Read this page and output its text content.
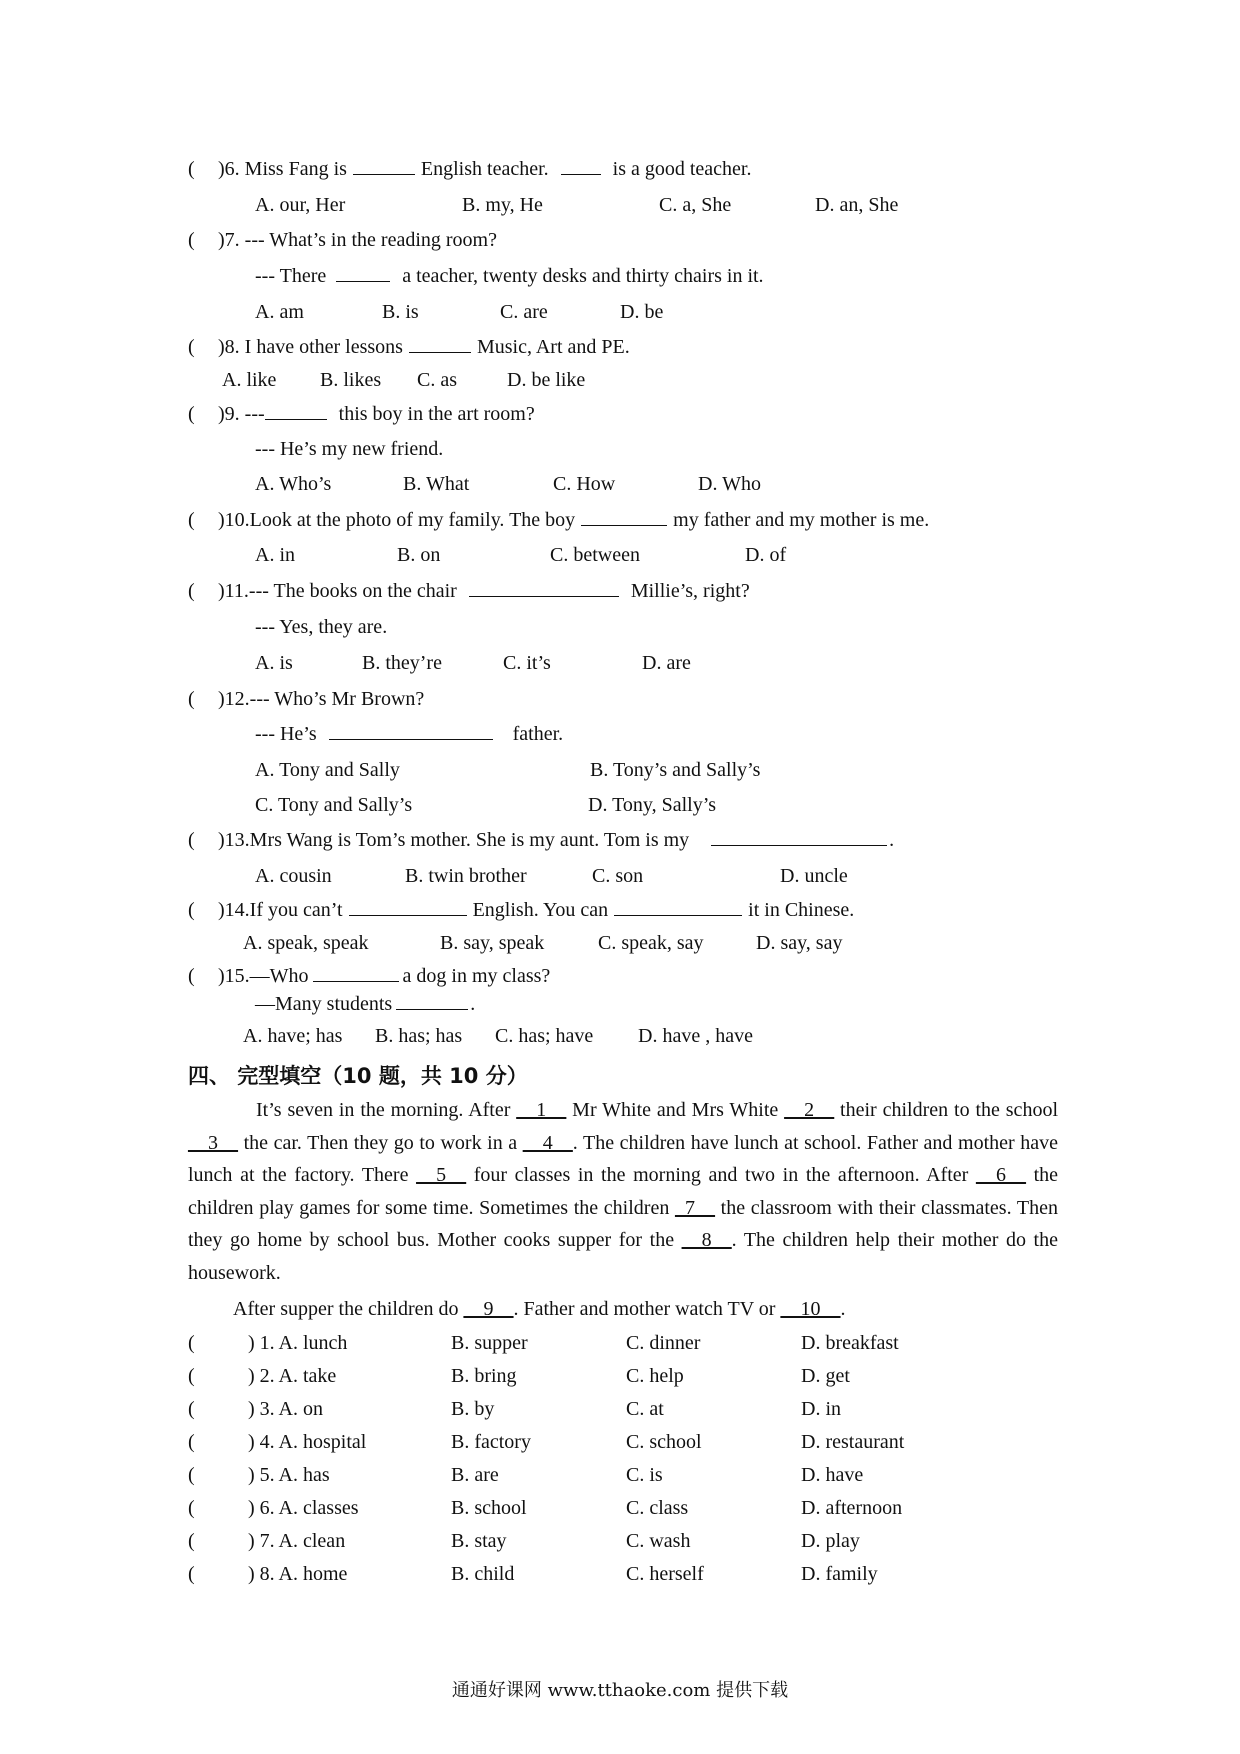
( )6. Miss Fang is	English teacher.	is a good teacher.
A. our, Her	B. my, He	C. a, She	D. an, She
( )7. --- What’s in the reading room?
--- There	a teacher, twenty desks and thirty chairs in it.
A. am	B. is	C. are	D. be
( )8. I have other lessons	Music, Art and PE.
A. like B. likes C. as	D. be like
( )9. ---	this boy in the art room?
--- He’s my new friend.
A. Who’s	B. What	C. How	D. Who
( )10.Look at the photo of my family. The boy	my father and my mother is me.
A. in	B. on	C. between	D. of
( )11.--- The books on the chair	Millie’s, right?
--- Yes, they are.
A. is	B. they’re	C. it’s	D. are
( )12.--- Who’s Mr Brown?
--- He’s	father.
A. Tony and Sally	B. Tony’s and Sally’s
C. Tony and Sally’s	D. Tony, Sally’s
( )13.Mrs Wang is Tom’s mother. She is my aunt. Tom is my	.
A. cousin	B. twin brother	C. son	D. uncle
( )14.If you can’t	English. You can	it in Chinese.
A. speak, speak	B. say, speak	C. speak, say	D. say, say
( )15.—Who	a dog in my class?
—Many students	.
A. have; has B. has; has C. has; have D. have , have
四、 完型填空（10 题，共 10 分）
It’s seven in the morning. After __1__ Mr White and Mrs White __2__ their children to the school __3__ the car. Then they go to work in a __4__. The children have lunch at school. Father and mother have lunch at the factory. There __5__ four classes in the morning and two in the afternoon. After __6__ the children play games for some time. Sometimes the children _7__ the classroom with their classmates. Then they go home by school bus. Mother cooks supper for the __8__. The children help their mother do the housework.
After supper the children do __9__. Father and mother watch TV or __10__.
(	) 1. A. lunch	B. supper	C. dinner	D. breakfast
(	) 2. A. take	B. bring	C. help	D. get
(	) 3. A. on	B. by	C. at	D. in
(	) 4. A. hospital	B. factory	C. school	D. restaurant
(	) 5. A. has	B. are	C. is	D. have
(	) 6. A. classes	B. school	C. class	D. afternoon
(	) 7. A. clean	B. stay	C. wash	D. play
(	) 8. A. home	B. child	C. herself	D. family
通通好课网 www.tthaoke.com 提供下载
